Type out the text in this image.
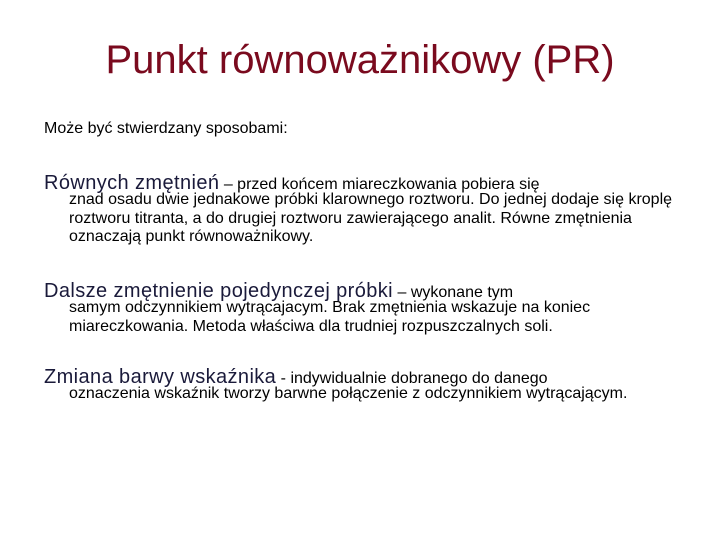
Punkt równoważnikowy (PR)
Może być stwierdzany sposobami:
Równych zmętnień – przed końcem miareczkowania pobiera się
znad osadu dwie jednakowe próbki klarownego roztworu. Do jednej dodaje się kroplę roztworu titranta, a do drugiej roztworu zawierającego analit. Równe zmętnienia oznaczają punkt równoważnikowy.
Dalsze zmętnienie pojedynczej próbki – wykonane tym
samym odczynnikiem wytrącajacym. Brak zmętnienia wskazuje na koniec miareczkowania. Metoda właściwa dla trudniej rozpuszczalnych soli.
Zmiana barwy wskaźnika - indywidualnie dobranego do danego
oznaczenia wskaźnik tworzy barwne połączenie z odczynnikiem wytrącającym.
